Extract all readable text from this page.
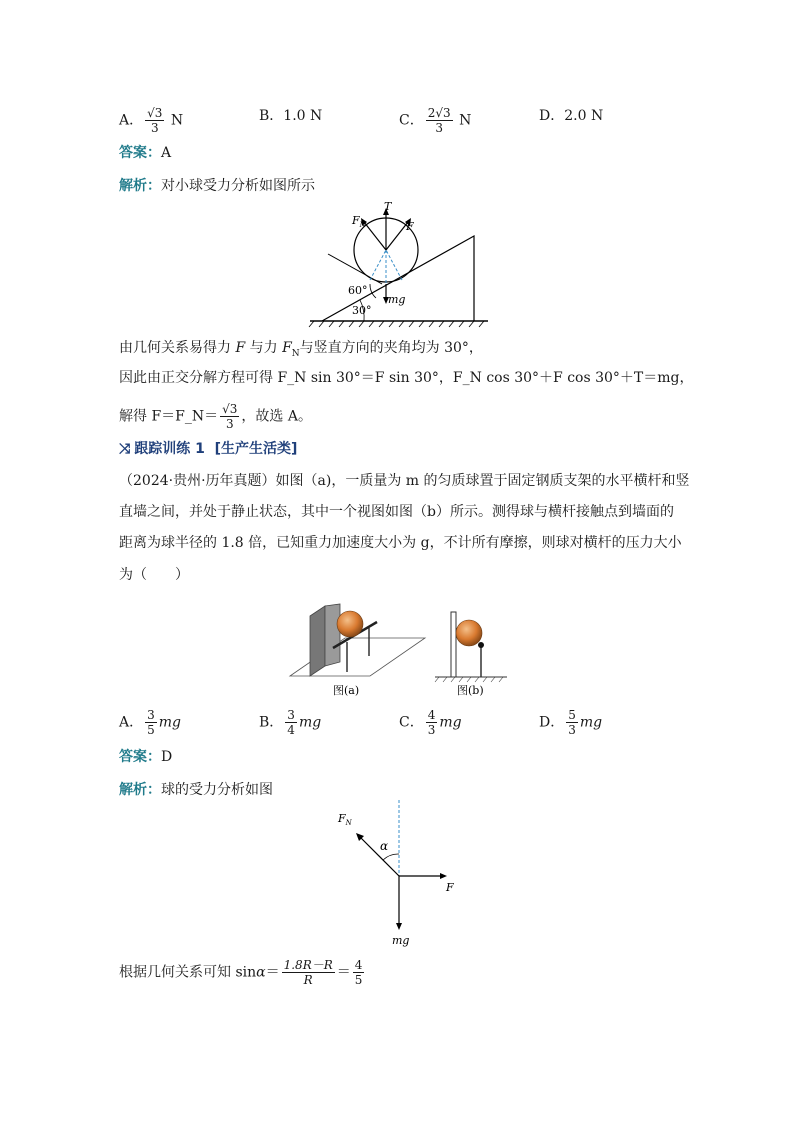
A． $\frac{√3}{3}$ N	B．1.0 N	C． $\frac{2√3}{3}$ N	D．2.0 N
答案：A
解析：对小球受力分析如图所示
$F_N$
T
F
60°
30°
mg
由几何关系易得力 F 与力 $F_N$与竖直方向的夹角均为 30°，
因此由正交分解方程可得 F_N sin 30°＝F sin 30°，F_N cos 30°＋F cos 30°＋T＝mg，
解得 F＝F_N＝ $\frac{√3}{3}$ ，故选 A。
⤨ 跟踪训练 1 [生产生活类]
（2024·贵州·历年真题）如图（a)，一质量为 m 的匀质球置于固定钢质支架的水平横杆和竖
直墙之间，并处于静止状态，其中一个视图如图（b）所示。测得球与横杆接触点到墙面的
距离为球半径的 1.8 倍，已知重力加速度大小为 g，不计所有摩擦，则球对横杆的压力大小
为（　　）
图(a)	图(b)
A． $\frac{3}{5}$ mg	B． $\frac{3}{4}$ mg	C． $\frac{4}{3}$ mg	D． $\frac{5}{3}$ mg
答案：D
解析：球的受力分析如图
$F_N$
α
F
mg
根据几何关系可知 $\sin\alpha= \frac{1.8R-R}{R} = \frac{4}{5}$
